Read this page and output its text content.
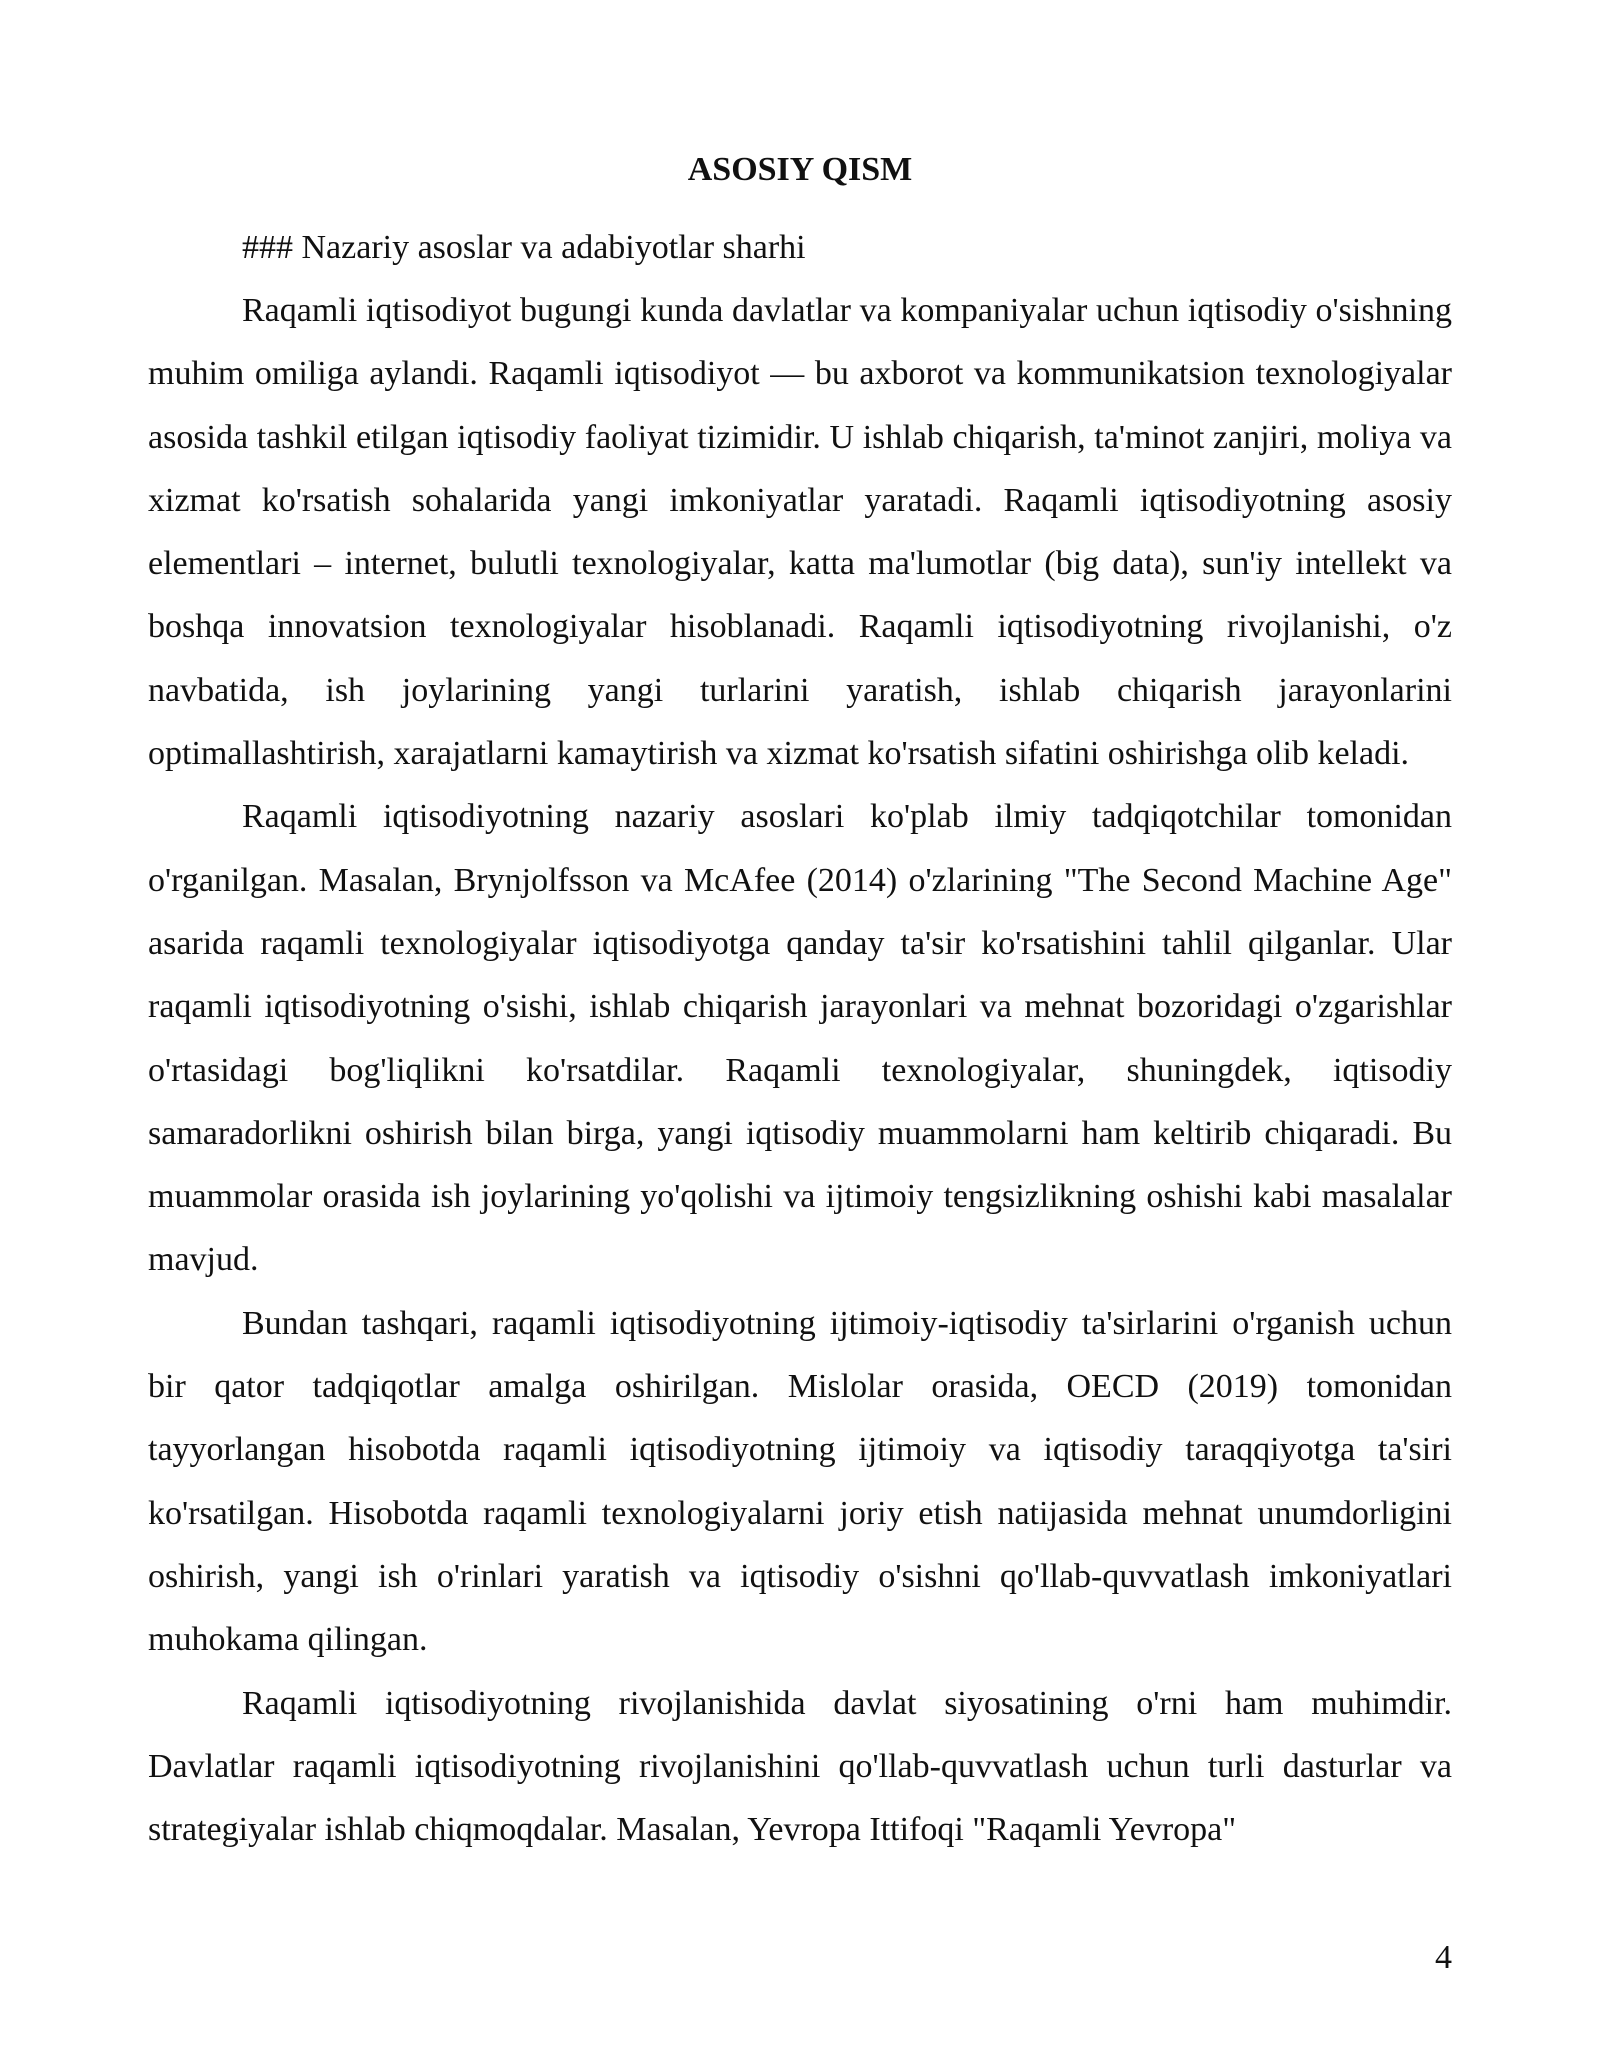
ASOSIY QISM

### Nazariy asoslar va adabiyotlar sharhi

Raqamli iqtisodiyot bugungi kunda davlatlar va kompaniyalar uchun iqtisodiy o'sishning muhim omiliga aylandi. Raqamli iqtisodiyot — bu axborot va kommunikatsion texnologiyalar asosida tashkil etilgan iqtisodiy faoliyat tizimidir. U ishlab chiqarish, ta'minot zanjiri, moliya va xizmat ko'rsatish sohalarida yangi imkoniyatlar yaratadi. Raqamli iqtisodiyotning asosiy elementlari – internet, bulutli texnologiyalar, katta ma'lumotlar (big data), sun'iy intellekt va boshqa innovatsion texnologiyalar hisoblanadi. Raqamli iqtisodiyotning rivojlanishi, o'z navbatida, ish joylarining yangi turlarini yaratish, ishlab chiqarish jarayonlarini optimallashtirish, xarajatlarni kamaytirish va xizmat ko'rsatish sifatini oshirishga olib keladi.

Raqamli iqtisodiyotning nazariy asoslari ko'plab ilmiy tadqiqotchilar tomonidan o'rganilgan. Masalan, Brynjolfsson va McAfee (2014) o'zlarining "The Second Machine Age" asarida raqamli texnologiyalar iqtisodiyotga qanday ta'sir ko'rsatishini tahlil qilganlar. Ular raqamli iqtisodiyotning o'sishi, ishlab chiqarish jarayonlari va mehnat bozoridagi o'zgarishlar o'rtasidagi bog'liqlikni ko'rsatdilar. Raqamli texnologiyalar, shuningdek, iqtisodiy samaradorlikni oshirish bilan birga, yangi iqtisodiy muammolarni ham keltirib chiqaradi. Bu muammolar orasida ish joylarining yo'qolishi va ijtimoiy tengsizlikning oshishi kabi masalalar mavjud.

Bundan tashqari, raqamli iqtisodiyotning ijtimoiy-iqtisodiy ta'sirlarini o'rganish uchun bir qator tadqiqotlar amalga oshirilgan. Mislolar orasida, OECD (2019) tomonidan tayyorlangan hisobotda raqamli iqtisodiyotning ijtimoiy va iqtisodiy taraqqiyotga ta'siri ko'rsatilgan. Hisobotda raqamli texnologiyalarni joriy etish natijasida mehnat unumdorligini oshirish, yangi ish o'rinlari yaratish va iqtisodiy o'sishni qo'llab-quvvatlash imkoniyatlari muhokama qilingan.

Raqamli iqtisodiyotning rivojlanishida davlat siyosatining o'rni ham muhimdir. Davlatlar raqamli iqtisodiyotning rivojlanishini qo'llab-quvvatlash uchun turli dasturlar va strategiyalar ishlab chiqmoqdalar. Masalan, Yevropa Ittifoqi "Raqamli Yevropa"

4
